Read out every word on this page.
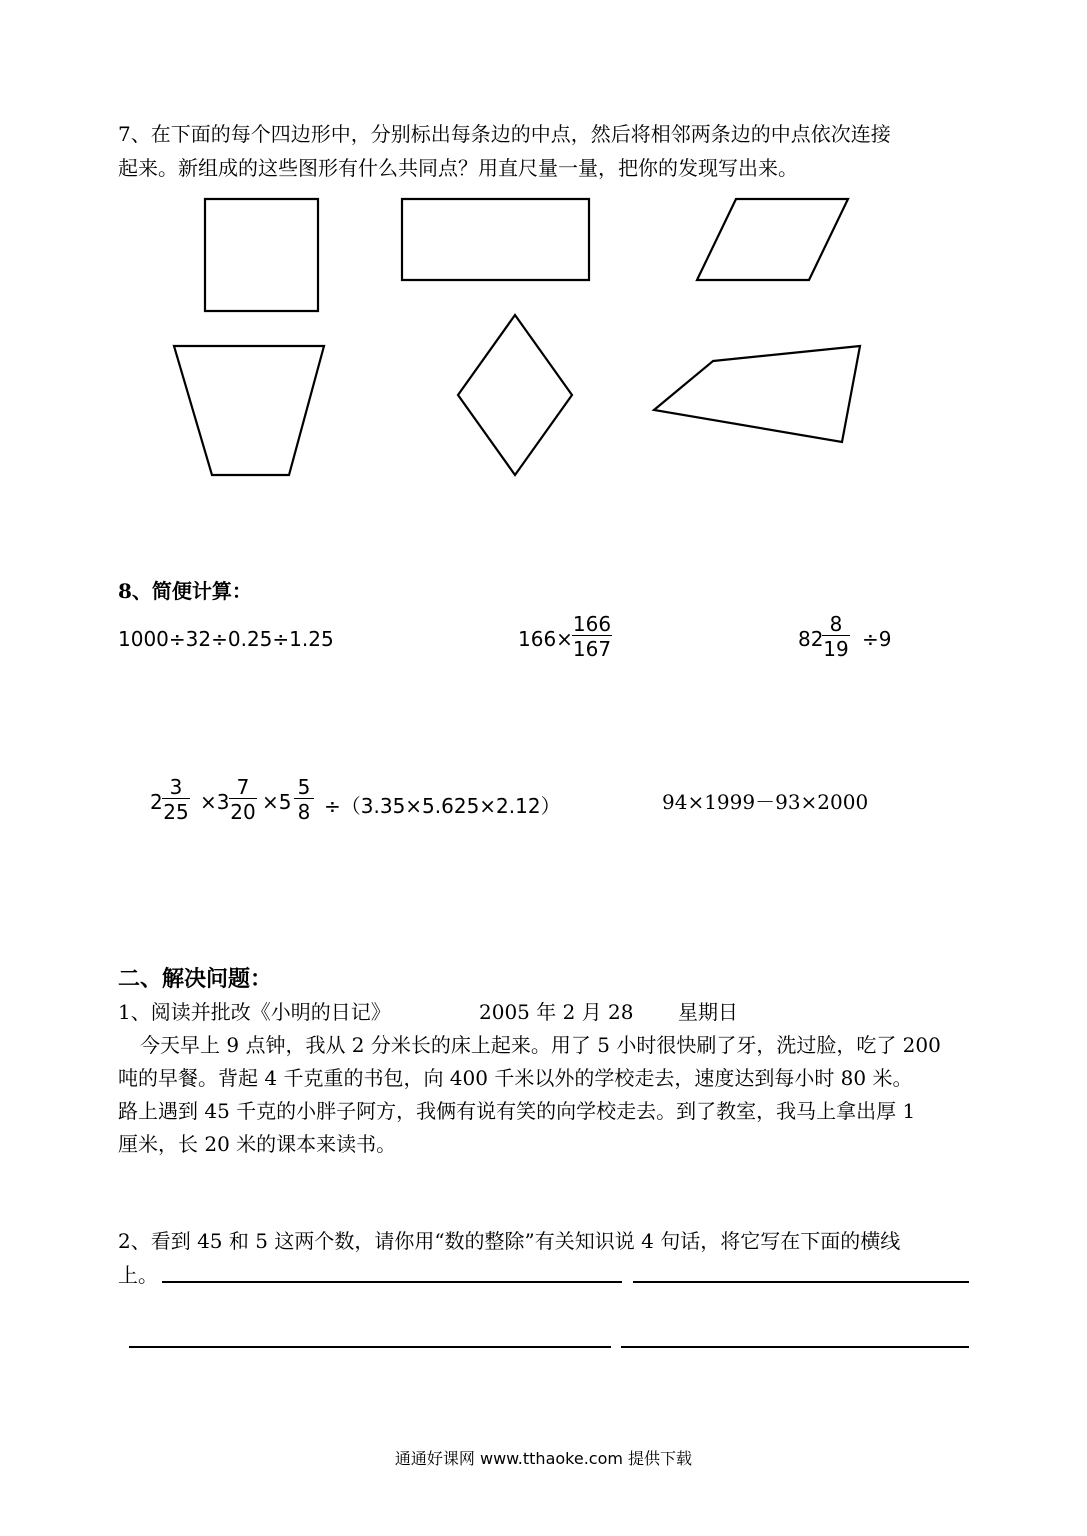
7、在下面的每个四边形中，分别标出每条边的中点，然后将相邻两条边的中点依次连接
起来。新组成的这些图形有什么共同点？用直尺量一量，把你的发现写出来。
8、简便计算：
1000÷32÷0.25÷1.25	$166\times \frac{166}{167}$	82
$\frac{8}{19} \div 9$
$2 \frac{3}{25} \times 3 \frac{7}{20} \times 5 \frac{5}{8} \div(3.35\times 5.625\times 2.12)$	94×1999－93×2000
二、解决问题：
1、阅读并批改《小明的日记》	2005 年 2 月 28 星期日
今天早上 9 点钟，我从 2 分米长的床上起来。用了 5 小时很快刷了牙，洗过脸，吃了 200
吨的早餐。背起 4 千克重的书包，向 400 千米以外的学校走去，速度达到每小时 80 米。
路上遇到 45 千克的小胖子阿方，我俩有说有笑的向学校走去。到了教室，我马上拿出厚 1
厘米，长 20 米的课本来读书。
2、看到 45 和 5 这两个数，请你用“数的整除”有关知识说 4 句话，将它写在下面的横线
上。
通通好课网 www.tthaoke.com 提供下载
